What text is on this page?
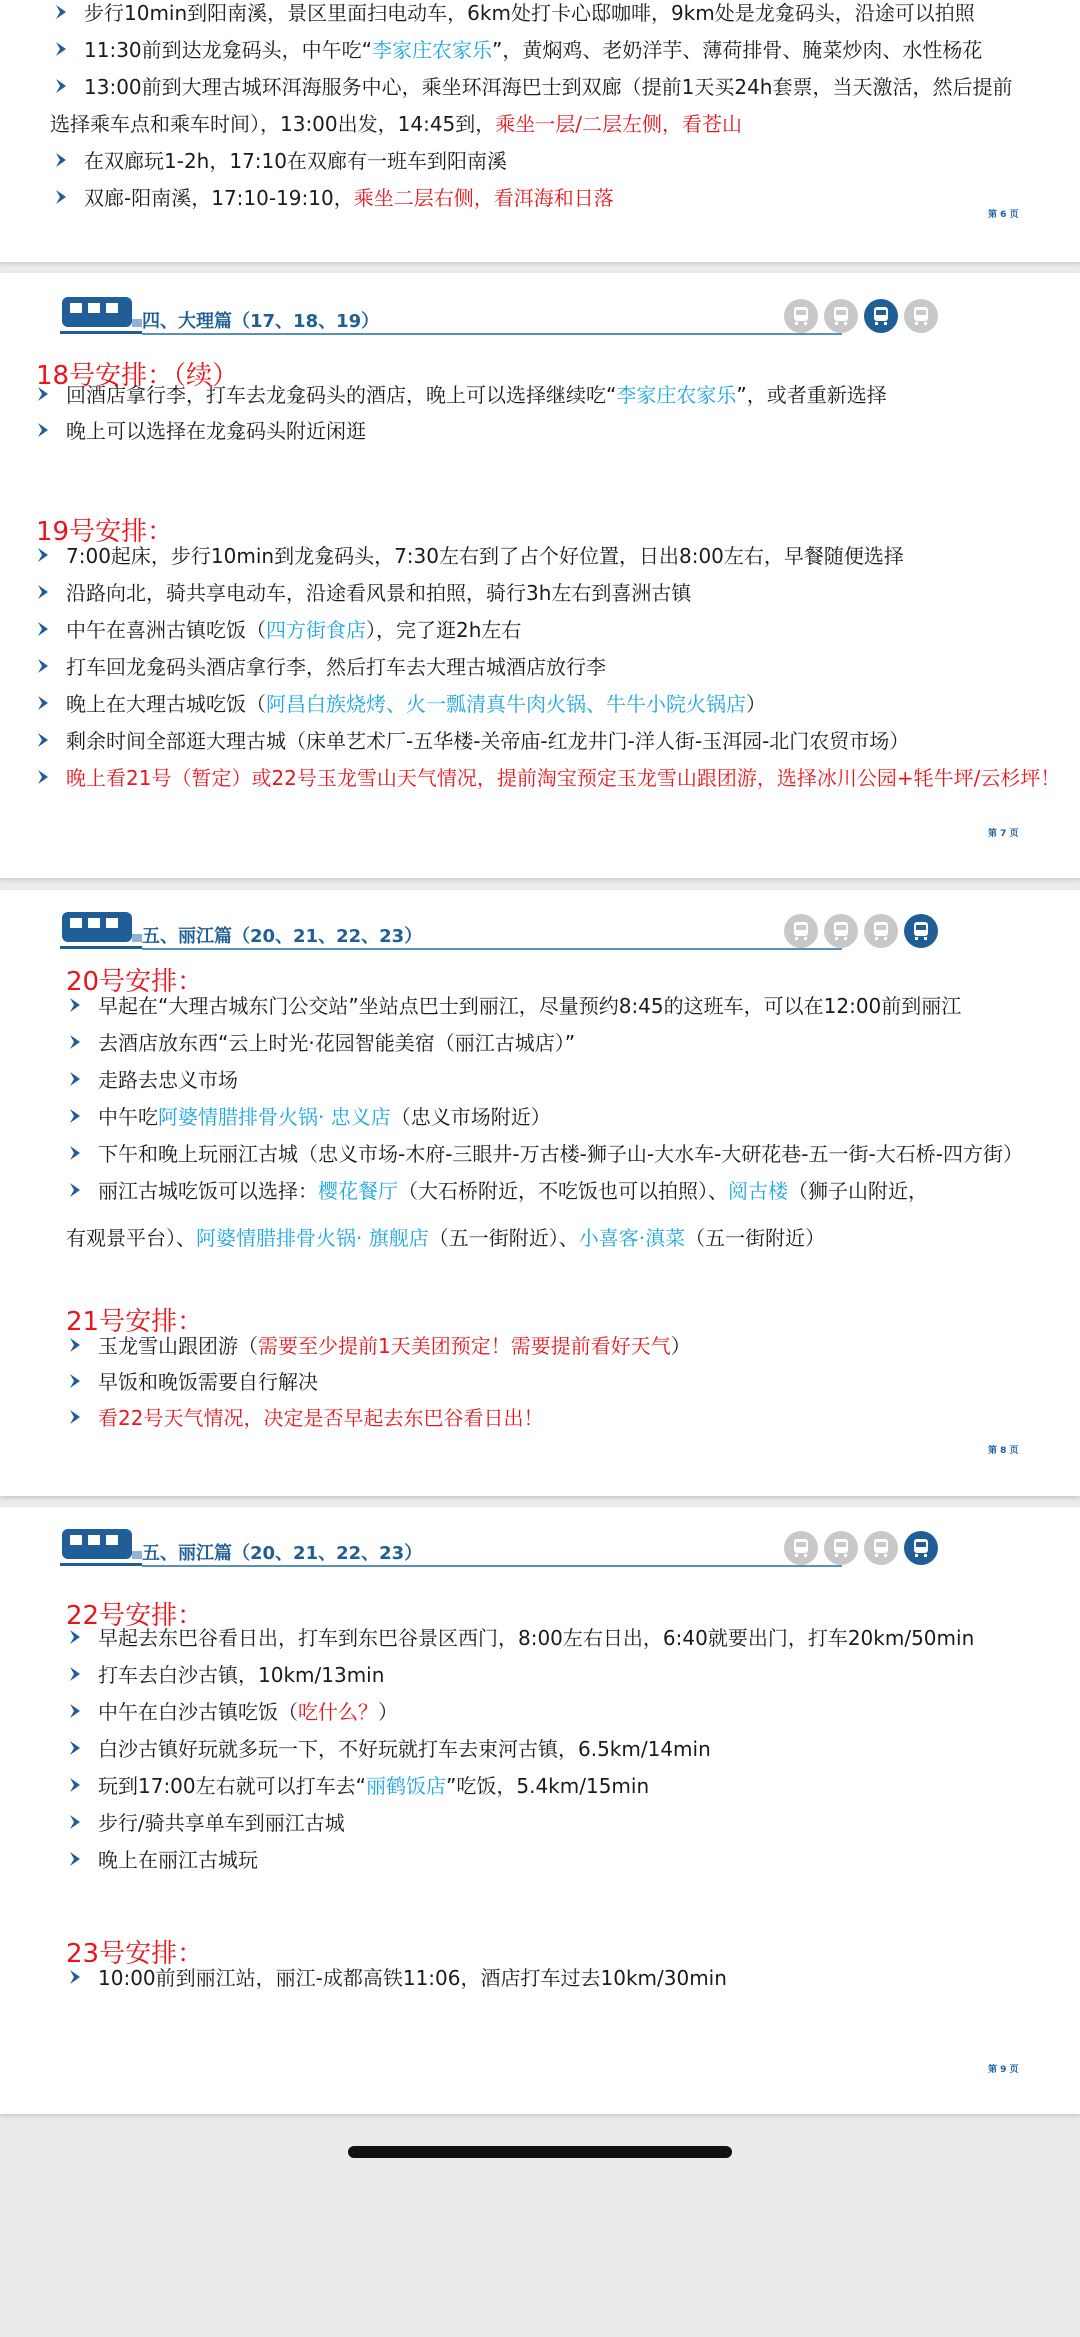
第 6 页
步行10min到阳南溪，景区里面扫电动车，6km处打卡心邸咖啡，9km处是龙龛码头，沿途可以拍照
11:30前到达龙龛码头，中午吃“李家庄农家乐”，黄焖鸡、老奶洋芋、薄荷排骨、腌菜炒肉、水性杨花
13:00前到大理古城环洱海服务中心，乘坐环洱海巴士到双廊（提前1天买24h套票，当天激活，然后提前
选择乘车点和乘车时间），13:00出发，14:45到，乘坐一层/二层左侧，看苍山
在双廊玩1-2h，17:10在双廊有一班车到阳南溪
双廊-阳南溪，17:10-19:10，乘坐二层右侧，看洱海和日落
四、大理篇（17、18、19）
18号安排：（续）
19号安排：
第 7 页
回酒店拿行李，打车去龙龛码头的酒店，晚上可以选择继续吃“李家庄农家乐”，或者重新选择
晚上可以选择在龙龛码头附近闲逛
7:00起床，步行10min到龙龛码头，7:30左右到了占个好位置，日出8:00左右，早餐随便选择
沿路向北，骑共享电动车，沿途看风景和拍照，骑行3h左右到喜洲古镇
中午在喜洲古镇吃饭（四方街食店），完了逛2h左右
打车回龙龛码头酒店拿行李，然后打车去大理古城酒店放行李
晚上在大理古城吃饭（阿昌白族烧烤、火一瓢清真牛肉火锅、牛牛小院火锅店）
剩余时间全部逛大理古城（床单艺术厂-五华楼-关帝庙-红龙井门-洋人街-玉洱园-北门农贸市场）
晚上看21号（暂定）或22号玉龙雪山天气情况，提前淘宝预定玉龙雪山跟团游，选择冰川公园+牦牛坪/云杉坪！
五、丽江篇（20、21、22、23）
20号安排：
有观景平台）、阿婆情腊排骨火锅· 旗舰店（五一街附近）、小喜客·滇菜（五一街附近）
21号安排：
第 8 页
早起在“大理古城东门公交站”坐站点巴士到丽江，尽量预约8:45的这班车，可以在12:00前到丽江
去酒店放东西“云上时光·花园智能美宿（丽江古城店）”
走路去忠义市场
中午吃阿婆情腊排骨火锅· 忠义店（忠义市场附近）
下午和晚上玩丽江古城（忠义市场-木府-三眼井-万古楼-狮子山-大水车-大研花巷-五一街-大石桥-四方街）
丽江古城吃饭可以选择：樱花餐厅（大石桥附近，不吃饭也可以拍照）、阅古楼（狮子山附近，
玉龙雪山跟团游（需要至少提前1天美团预定！需要提前看好天气）
早饭和晚饭需要自行解决
看22号天气情况，决定是否早起去东巴谷看日出！
五、丽江篇（20、21、22、23）
22号安排：
23号安排：
第 9 页
早起去东巴谷看日出，打车到东巴谷景区西门，8:00左右日出，6:40就要出门，打车20km/50min
打车去白沙古镇，10km/13min
中午在白沙古镇吃饭（吃什么？）
白沙古镇好玩就多玩一下，不好玩就打车去束河古镇，6.5km/14min
玩到17:00左右就可以打车去“丽鹤饭店”吃饭，5.4km/15min
步行/骑共享单车到丽江古城
晚上在丽江古城玩
10:00前到丽江站，丽江-成都高铁11:06，酒店打车过去10km/30min
